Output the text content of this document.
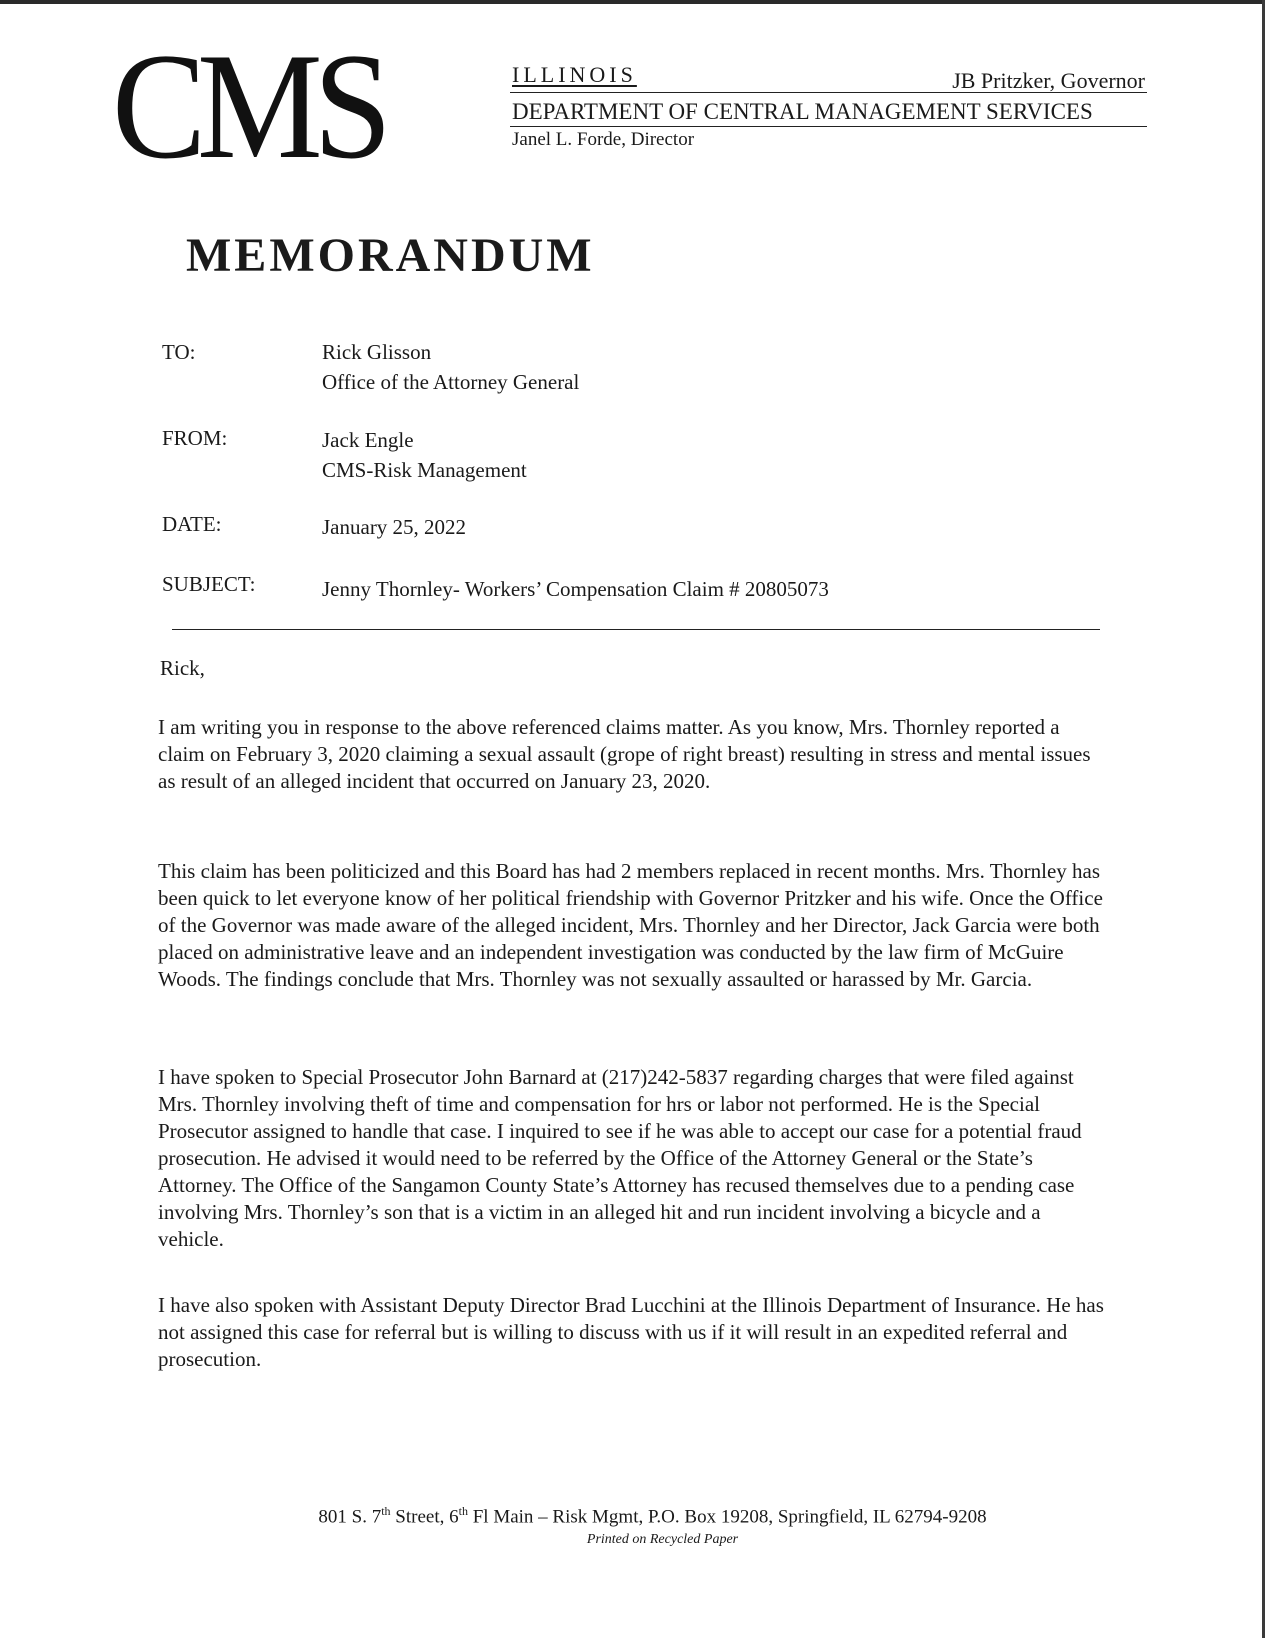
CMS	ILLINOIS	JB Pritzker, Governor
DEPARTMENT OF CENTRAL MANAGEMENT SERVICES
Janel L. Forde, Director
MEMORANDUM
TO:	Rick Glisson
Office of the Attorney General
FROM:	Jack Engle
CMS-Risk Management
DATE:	January 25, 2022
SUBJECT:	Jenny Thornley- Workers’ Compensation Claim # 20805073
Rick,
I am writing you in response to the above referenced claims matter. As you know, Mrs. Thornley reported a claim on February 3, 2020 claiming a sexual assault (grope of right breast) resulting in stress and mental issues as result of an alleged incident that occurred on January 23, 2020.
This claim has been politicized and this Board has had 2 members replaced in recent months. Mrs. Thornley has been quick to let everyone know of her political friendship with Governor Pritzker and his wife. Once the Office of the Governor was made aware of the alleged incident, Mrs. Thornley and her Director, Jack Garcia were both placed on administrative leave and an independent investigation was conducted by the law firm of McGuire Woods. The findings conclude that Mrs. Thornley was not sexually assaulted or harassed by Mr. Garcia.
I have spoken to Special Prosecutor John Barnard at (217)242-5837 regarding charges that were filed against Mrs. Thornley involving theft of time and compensation for hrs or labor not performed. He is the Special Prosecutor assigned to handle that case. I inquired to see if he was able to accept our case for a potential fraud prosecution. He advised it would need to be referred by the Office of the Attorney General or the State’s Attorney. The Office of the Sangamon County State’s Attorney has recused themselves due to a pending case involving Mrs. Thornley’s son that is a victim in an alleged hit and run incident involving a bicycle and a vehicle.
I have also spoken with Assistant Deputy Director Brad Lucchini at the Illinois Department of Insurance. He has not assigned this case for referral but is willing to discuss with us if it will result in an expedited referral and prosecution.
801 S. 7th Street, 6th Fl Main – Risk Mgmt, P.O. Box 19208, Springfield, IL 62794-9208
Printed on Recycled Paper
